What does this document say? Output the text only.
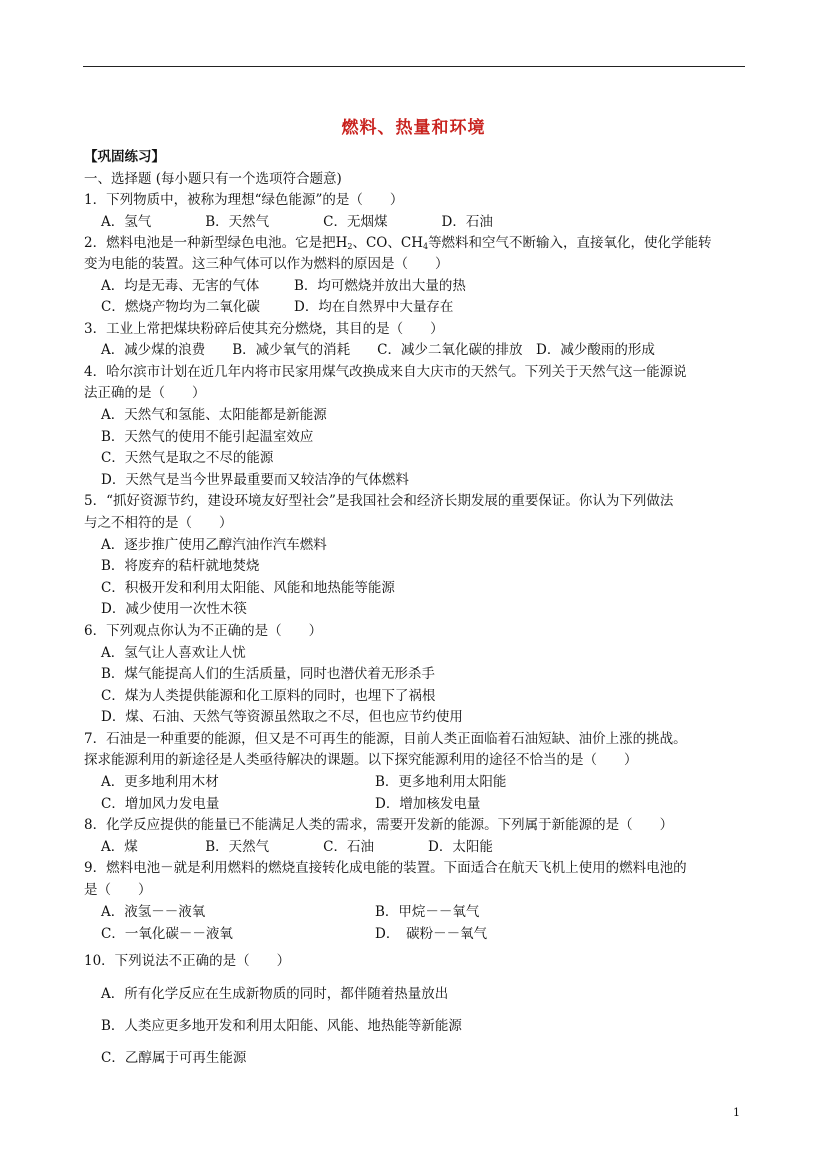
燃料、热量和环境
【巩固练习】
一、选择题 (每小题只有一个选项符合题意)
1．下列物质中，被称为理想“绿色能源”的是（　　）
A．氢气　　　　B．天然气　　　　C．无烟煤　　　　D．石油
2．燃料电池是一种新型绿色电池。它是把$H_2$、CO、$CH_4$等燃料和空气不断输入，直接氧化，使化学能转
变为电能的装置。这三种气体可以作为燃料的原因是（　　）
A．均是无毒、无害的气体	B．均可燃烧并放出大量的热
C．燃烧产物均为二氧化碳	D．均在自然界中大量存在
3．工业上常把煤块粉碎后使其充分燃烧，其目的是（　　）
A．减少煤的浪费　　B．减少氧气的消耗　　C．减少二氧化碳的排放　D．减少酸雨的形成
4．哈尔滨市计划在近几年内将市民家用煤气改换成来自大庆市的天然气。下列关于天然气这一能源说
法正确的是（　　）
A．天然气和氢能、太阳能都是新能源
B．天然气的使用不能引起温室效应
C．天然气是取之不尽的能源
D．天然气是当今世界最重要而又较洁净的气体燃料
5．“抓好资源节约，建设环境友好型社会”是我国社会和经济长期发展的重要保证。你认为下列做法
与之不相符的是（　　）
A．逐步推广使用乙醇汽油作汽车燃料
B．将废弃的秸杆就地焚烧
C．积极开发和利用太阳能、风能和地热能等能源
D．减少使用一次性木筷
6．下列观点你认为不正确的是（　　）
A．氢气让人喜欢让人忧
B．煤气能提高人们的生活质量，同时也潜伏着无形杀手
C．煤为人类提供能源和化工原料的同时，也埋下了祸根
D．煤、石油、天然气等资源虽然取之不尽，但也应节约使用
7．石油是一种重要的能源，但又是不可再生的能源，目前人类正面临着石油短缺、油价上涨的挑战。
探求能源利用的新途径是人类亟待解决的课题。以下探究能源利用的途径不恰当的是（　　）
A．更多地利用木材	B．更多地利用太阳能
C．增加风力发电量	D．增加核发电量
8．化学反应提供的能量已不能满足人类的需求，需要开发新的能源。下列属于新能源的是（　　）
A．煤　　　　　B．天然气　　　　C．石油　　　　D．太阳能
9．燃料电池－就是利用燃料的燃烧直接转化成电能的装置。下面适合在航天飞机上使用的燃料电池的
是（　　）
A．液氢－－液氧	B．甲烷－－氧气
C．一氧化碳－－液氧	D．　碳粉－－氧气
10．下列说法不正确的是（　　）
A．所有化学反应在生成新物质的同时，都伴随着热量放出
B．人类应更多地开发和利用太阳能、风能、地热能等新能源
C．乙醇属于可再生能源
1
